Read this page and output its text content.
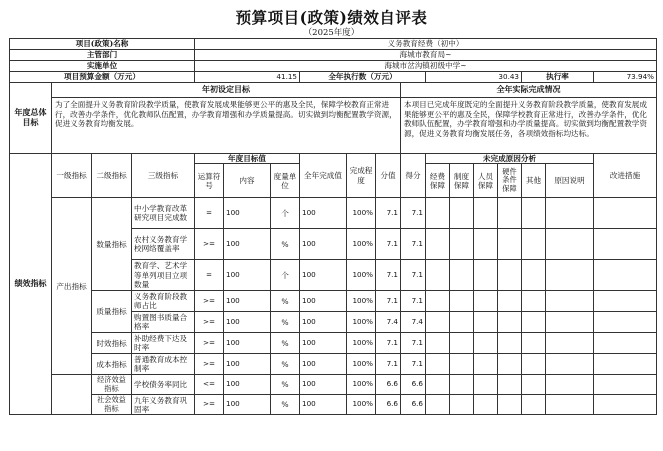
预算项目(政策)绩效自评表
（2025年度）
项目(政策)名称				义务教育经费（初中）													
主管部门				海城市教育局~													
实施单位				海城市岔沟镇初级中学~													
项目预算金额（万元）				41.15			全年执行数（万元）				30.43				执行率		73.94%
年度总体目标	年初设定目标									全年实际完成情况							
	为了全面提升义务教育阶段教学质量，使教育发展成果能够更公平的惠及全民，保障学校教育正常进行，改善办学条件，优化教师队伍配置，办学教育增强和办学质量提高。切实做到均衡配置教学资源，促进义务教育均衡发展。									本项目已完成年度既定的全面提升义务教育阶段教学质量，使教育发展成果能够更公平的惠及全民，保障学校教育正常进行，改善办学条件，优化教师队伍配置，办学教育增强和办学质量提高。切实做到均衡配置教学资源，促进义务教育均衡发展任务，各项绩效指标均达标。							
绩效指标	一级指标	二级指标	三级指标	年度目标值			全年完成值	完成程度	分值	得分	未完成原因分析						改进措施
				运算符号	内容	度量单位					经费保障	制度保障	人员保障	硬件条件保障	其他	原因说明	
	产出指标	数量指标	中小学教育改革研究项目完成数	=	100	个	100	100%	7.1	7.1							
			农村义务教育学校网络覆盖率	>=	100	%	100	100%	7.1	7.1							
			教育学、艺术学等单列项目立项数量	=	100	个	100	100%	7.1	7.1							
		质量指标	义务教育阶段教师占比	>=	100	%	100	100%	7.1	7.1							
			购置图书质量合格率	>=	100	%	100	100%	7.4	7.4							
		时效指标	补助经费下达及时率	>=	100	%	100	100%	7.1	7.1							
		成本指标	普通教育成本控制率	>=	100	%	100	100%	7.1	7.1							
		经济效益指标	学校债务率同比	<=	100	%	100	100%	6.6	6.6							
		社会效益指标	九年义务教育巩固率	>=	100	%	100	100%	6.6	6.6							
